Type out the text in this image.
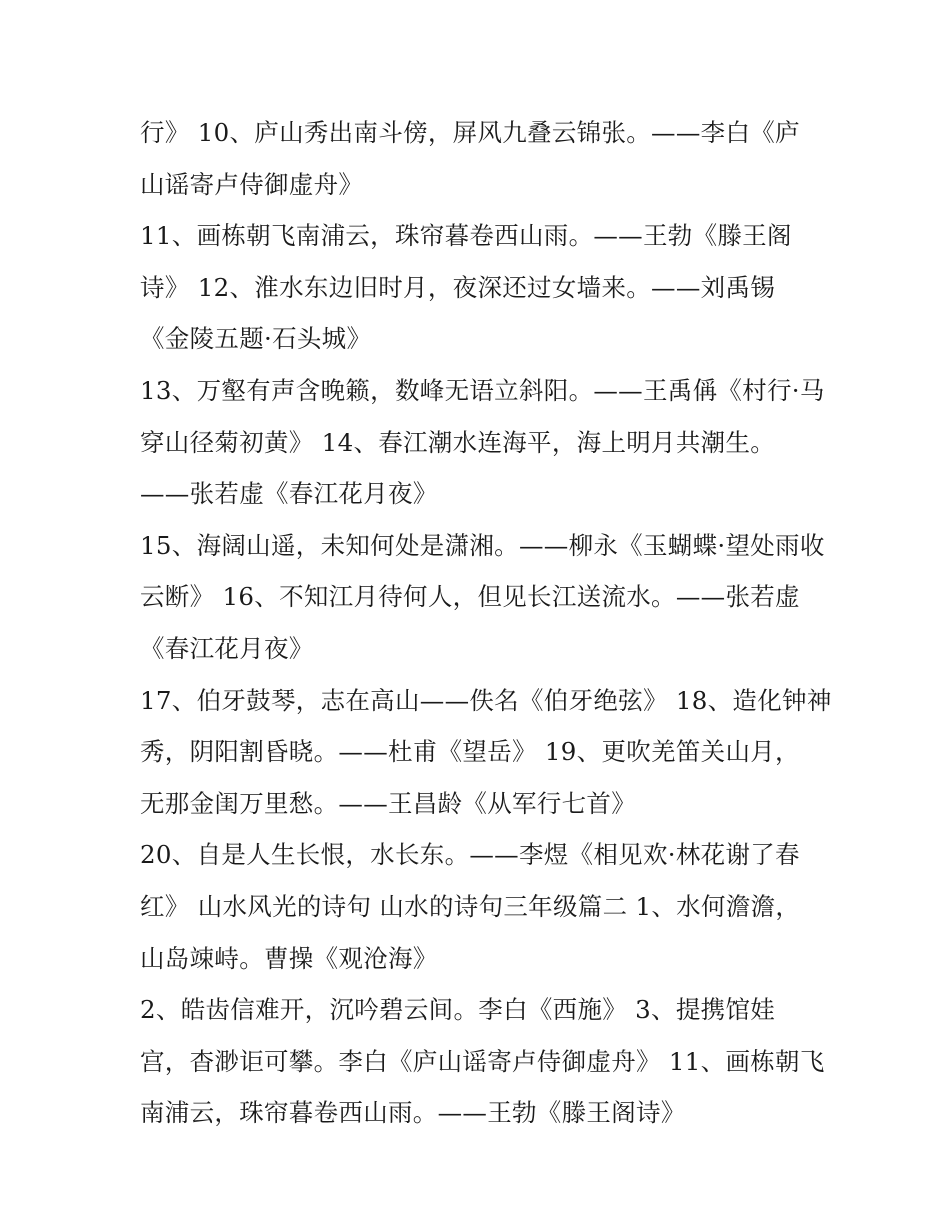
行》 10、庐山秀出南斗傍，屏风九叠云锦张。——李白《庐
山谣寄卢侍御虚舟》
11、画栋朝飞南浦云，珠帘暮卷西山雨。——王勃《滕王阁
诗》 12、淮水东边旧时月，夜深还过女墙来。——刘禹锡
《金陵五题·石头城》
13、万壑有声含晚籁，数峰无语立斜阳。——王禹偁《村行·马
穿山径菊初黄》 14、春江潮水连海平，海上明月共潮生。
——张若虚《春江花月夜》
15、海阔山遥，未知何处是潇湘。——柳永《玉蝴蝶·望处雨收
云断》 16、不知江月待何人，但见长江送流水。——张若虚
《春江花月夜》
17、伯牙鼓琴，志在高山——佚名《伯牙绝弦》 18、造化钟神
秀，阴阳割昏晓。——杜甫《望岳》 19、更吹羌笛关山月，
无那金闺万里愁。——王昌龄《从军行七首》
20、自是人生长恨，水长东。——李煜《相见欢·林花谢了春
红》 山水风光的诗句 山水的诗句三年级篇二 1、水何澹澹，
山岛竦峙。曹操《观沧海》
2、皓齿信难开，沉吟碧云间。李白《西施》 3、提携馆娃
宫，杳渺讵可攀。李白《庐山谣寄卢侍御虚舟》 11、画栋朝飞
南浦云，珠帘暮卷西山雨。——王勃《滕王阁诗》
